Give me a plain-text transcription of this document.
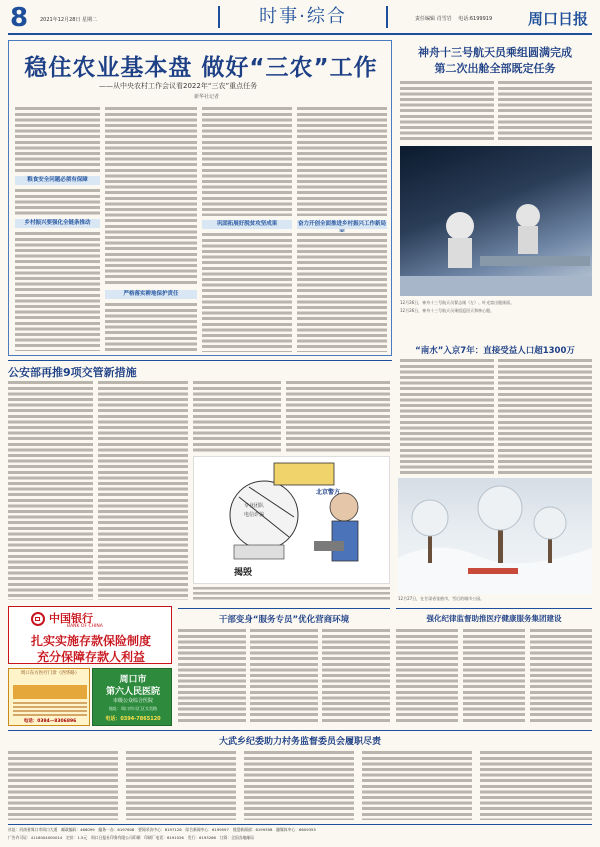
8 2021年12月28日 星期二	时事·综合	责任编辑 肖雪岩 电话:6199919 周口日报
稳住农业基本盘 做好“三农”工作
——从中央农村工作会议看2022年“三农”重点任务
新华社记者
粮食安全问题必须有保障
乡村振兴要强化全链条推动
严格落实耕地保护责任
巩固拓展好脱贫攻坚成果	奋力开创全面推进乡村振兴工作新局
神舟十三号航天员乘组圆满完成
第二次出舱全部既定任务
12月26日，神舟十三号航天员翟志刚（左）、叶光富出舱画面。
12月26日，神舟十三号航天员乘组返回天和核心舱。
“南水”入京7年：直接受益人口超1300万
公安部再推9项交管新措施
北京警方
专业团队
电信诈骗
揭毁
12月27日，在甘肃省张掖市，雪后的城市公园。
中国银行
BANK OF CHINA
扎实实施存款保险制度
充分保障存款人利益
周口东方医疗门诊（西华路）
电话：0394—8306896
周口市
第六人民医院
市级公众综合医院
地址：周口市川汇区太昊路
电话：0394-7865120
干部变身“服务专员”优化营商环境	强化纪律监督助推医疗健康服务集团建设
大武乡纪委助力村务监督委员会履职尽责
社址：河南省周口市周口大道　邮政编码：466099　编务一办：6197608　要闻采访中心：6197126　综合新闻中心：6199597　视觉新闻部：6199398　融媒体中心：6609355
广告许可证：4116004000014　定价：1.5元　周口日报社印务有限公司印刷　印刷厂电话：6191026　发行：6193266　订阅：全国各地邮局
